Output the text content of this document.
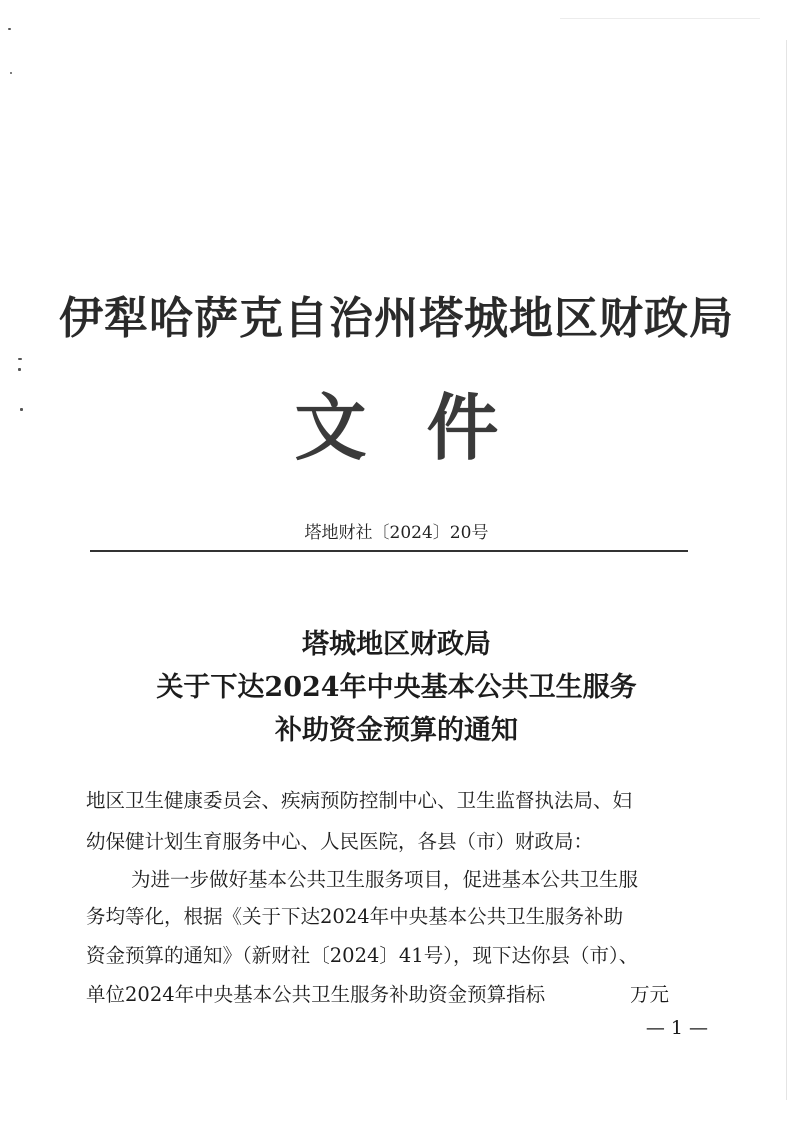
伊犁哈萨克自治州塔城地区财政局
文件
塔地财社〔2024〕20号
塔城地区财政局
关于下达2024年中央基本公共卫生服务
补助资金预算的通知
地区卫生健康委员会、疾病预防控制中心、卫生监督执法局、妇
幼保健计划生育服务中心、人民医院，各县（市）财政局：
为进一步做好基本公共卫生服务项目，促进基本公共卫生服
务均等化，根据《关于下达2024年中央基本公共卫生服务补助
资金预算的通知》（新财社〔2024〕41号），现下达你县（市）、
单位2024年中央基本公共卫生服务补助资金预算指标	万元
— 1 —
